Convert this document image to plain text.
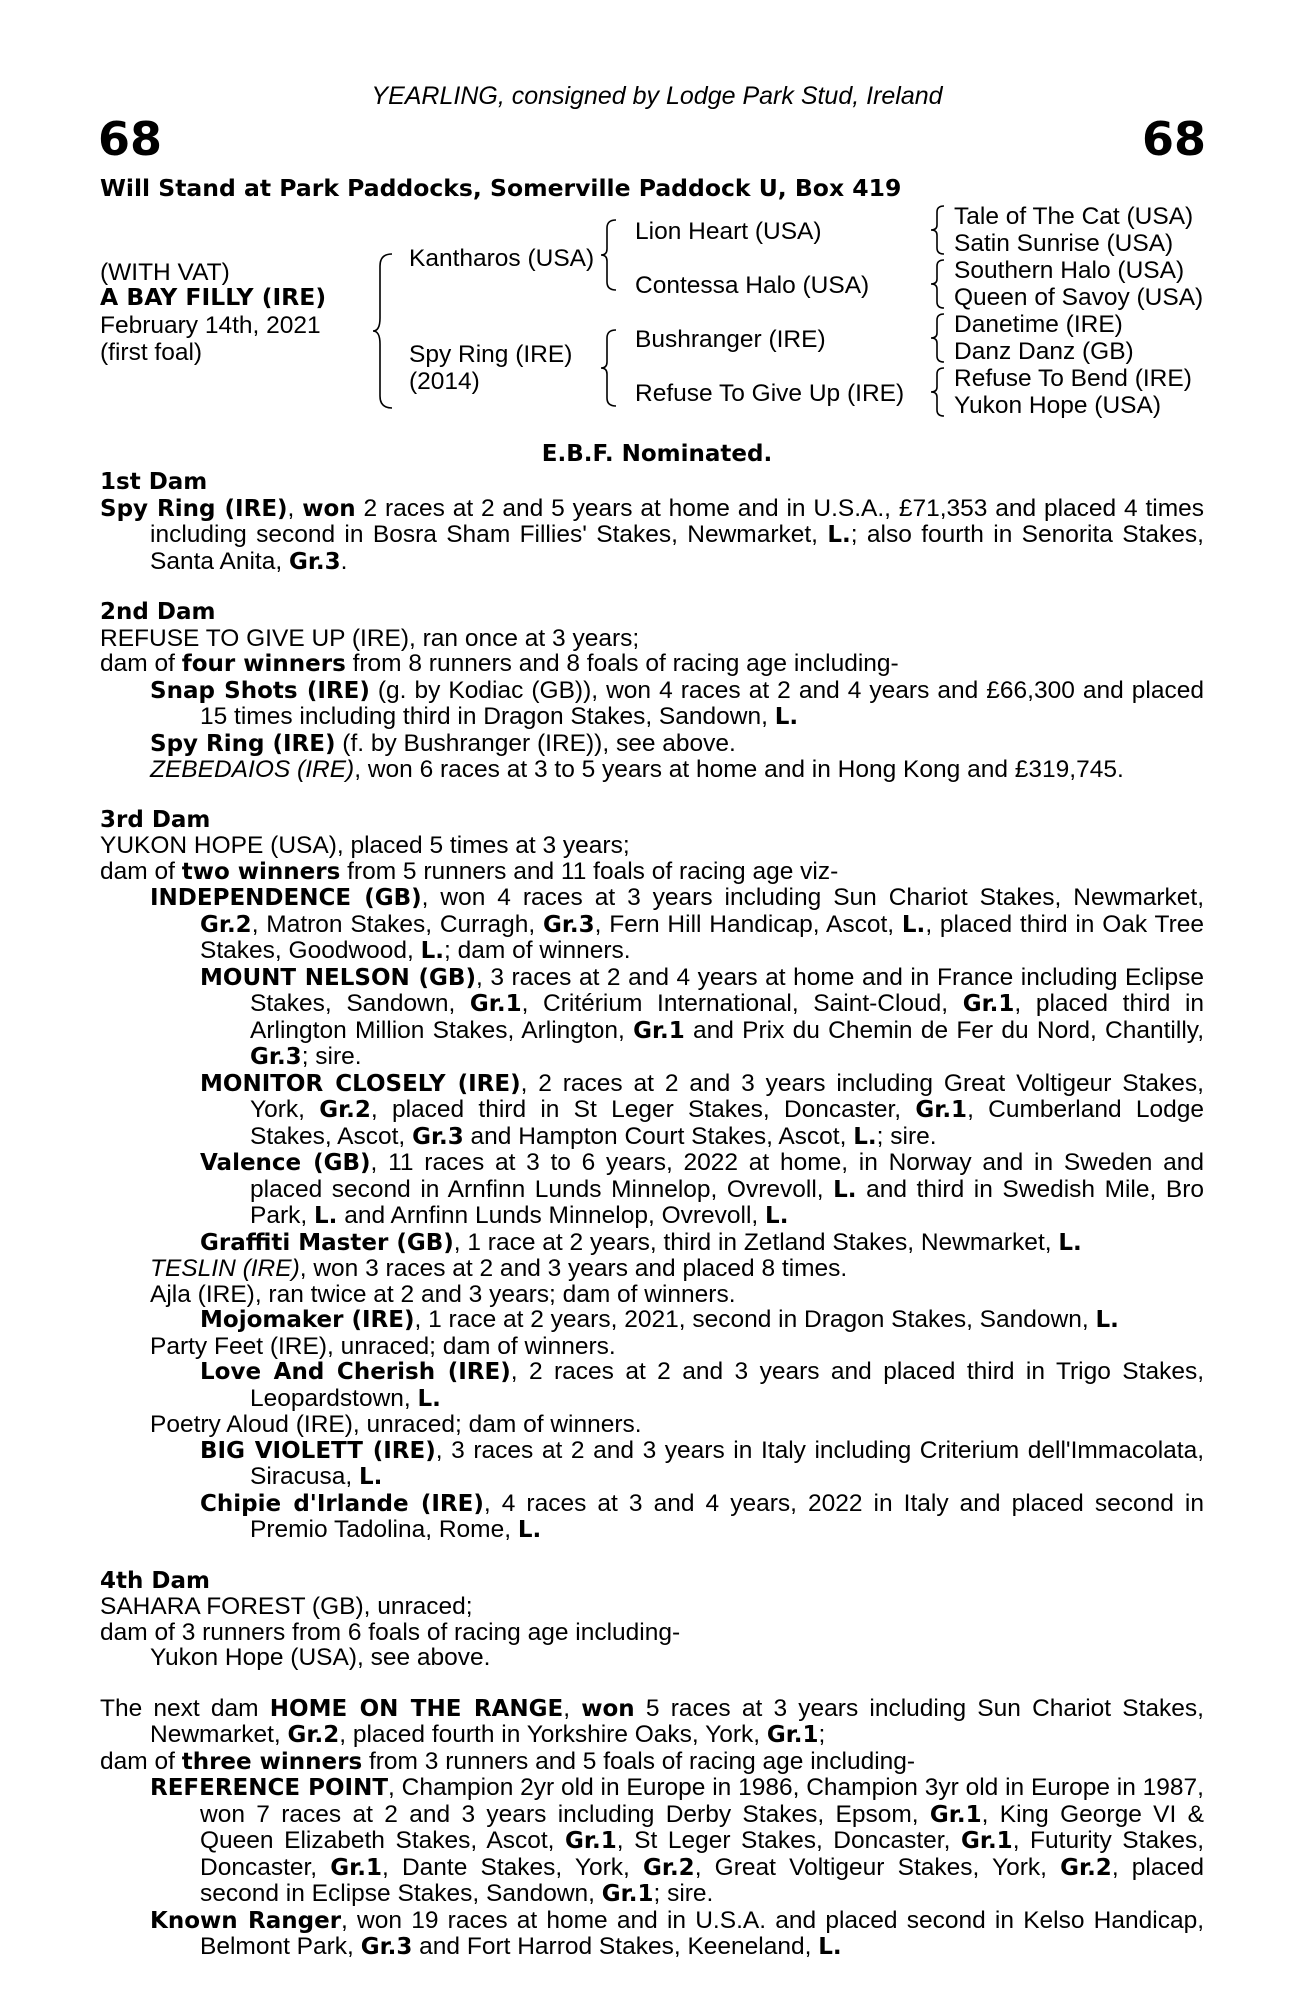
YEARLING, consigned by Lodge Park Stud, Ireland
68	68
Will Stand at Park Paddocks, Somerville Paddock U, Box 419
(WITH VAT)
A BAY FILLY (IRE)
February 14th, 2021
(first foal)
Kantharos (USA)
Spy Ring (IRE)
(2014)
Lion Heart (USA)
Contessa Halo (USA)
Bushranger (IRE)
Refuse To Give Up (IRE)
Tale of The Cat (USA)
Satin Sunrise (USA)
Southern Halo (USA)
Queen of Savoy (USA)
Danetime (IRE)
Danz Danz (GB)
Refuse To Bend (IRE)
Yukon Hope (USA)
E.B.F. Nominated.
1st Dam
Spy Ring (IRE), won 2 races at 2 and 5 years at home and in U.S.A., £71,353 and placed 4 times including second in Bosra Sham Fillies' Stakes, Newmarket, L.; also fourth in Senorita Stakes, Santa Anita, Gr.3.
2nd Dam
REFUSE TO GIVE UP (IRE), ran once at 3 years;
dam of four winners from 8 runners and 8 foals of racing age including-
Snap Shots (IRE) (g. by Kodiac (GB)), won 4 races at 2 and 4 years and £66,300 and placed 15 times including third in Dragon Stakes, Sandown, L.
Spy Ring (IRE) (f. by Bushranger (IRE)), see above.
ZEBEDAIOS (IRE), won 6 races at 3 to 5 years at home and in Hong Kong and £319,745.
3rd Dam
YUKON HOPE (USA), placed 5 times at 3 years;
dam of two winners from 5 runners and 11 foals of racing age viz-
INDEPENDENCE (GB), won 4 races at 3 years including Sun Chariot Stakes, Newmarket, Gr.2, Matron Stakes, Curragh, Gr.3, Fern Hill Handicap, Ascot, L., placed third in Oak Tree Stakes, Goodwood, L.; dam of winners.
MOUNT NELSON (GB), 3 races at 2 and 4 years at home and in France including Eclipse Stakes, Sandown, Gr.1, Critérium International, Saint-Cloud, Gr.1, placed third in Arlington Million Stakes, Arlington, Gr.1 and Prix du Chemin de Fer du Nord, Chantilly, Gr.3; sire.
MONITOR CLOSELY (IRE), 2 races at 2 and 3 years including Great Voltigeur Stakes, York, Gr.2, placed third in St Leger Stakes, Doncaster, Gr.1, Cumberland Lodge Stakes, Ascot, Gr.3 and Hampton Court Stakes, Ascot, L.; sire.
Valence (GB), 11 races at 3 to 6 years, 2022 at home, in Norway and in Sweden and placed second in Arnfinn Lunds Minnelop, Ovrevoll, L. and third in Swedish Mile, Bro Park, L. and Arnfinn Lunds Minnelop, Ovrevoll, L.
Graffiti Master (GB), 1 race at 2 years, third in Zetland Stakes, Newmarket, L.
TESLIN (IRE), won 3 races at 2 and 3 years and placed 8 times.
Ajla (IRE), ran twice at 2 and 3 years; dam of winners.
Mojomaker (IRE), 1 race at 2 years, 2021, second in Dragon Stakes, Sandown, L.
Party Feet (IRE), unraced; dam of winners.
Love And Cherish (IRE), 2 races at 2 and 3 years and placed third in Trigo Stakes, Leopardstown, L.
Poetry Aloud (IRE), unraced; dam of winners.
BIG VIOLETT (IRE), 3 races at 2 and 3 years in Italy including Criterium dell'Immacolata, Siracusa, L.
Chipie d'Irlande (IRE), 4 races at 3 and 4 years, 2022 in Italy and placed second in Premio Tadolina, Rome, L.
4th Dam
SAHARA FOREST (GB), unraced;
dam of 3 runners from 6 foals of racing age including-
Yukon Hope (USA), see above.
The next dam HOME ON THE RANGE, won 5 races at 3 years including Sun Chariot Stakes, Newmarket, Gr.2, placed fourth in Yorkshire Oaks, York, Gr.1;
dam of three winners from 3 runners and 5 foals of racing age including-
REFERENCE POINT, Champion 2yr old in Europe in 1986, Champion 3yr old in Europe in 1987, won 7 races at 2 and 3 years including Derby Stakes, Epsom, Gr.1, King George VI & Queen Elizabeth Stakes, Ascot, Gr.1, St Leger Stakes, Doncaster, Gr.1, Futurity Stakes, Doncaster, Gr.1, Dante Stakes, York, Gr.2, Great Voltigeur Stakes, York, Gr.2, placed second in Eclipse Stakes, Sandown, Gr.1; sire.
Known Ranger, won 19 races at home and in U.S.A. and placed second in Kelso Handicap, Belmont Park, Gr.3 and Fort Harrod Stakes, Keeneland, L.
